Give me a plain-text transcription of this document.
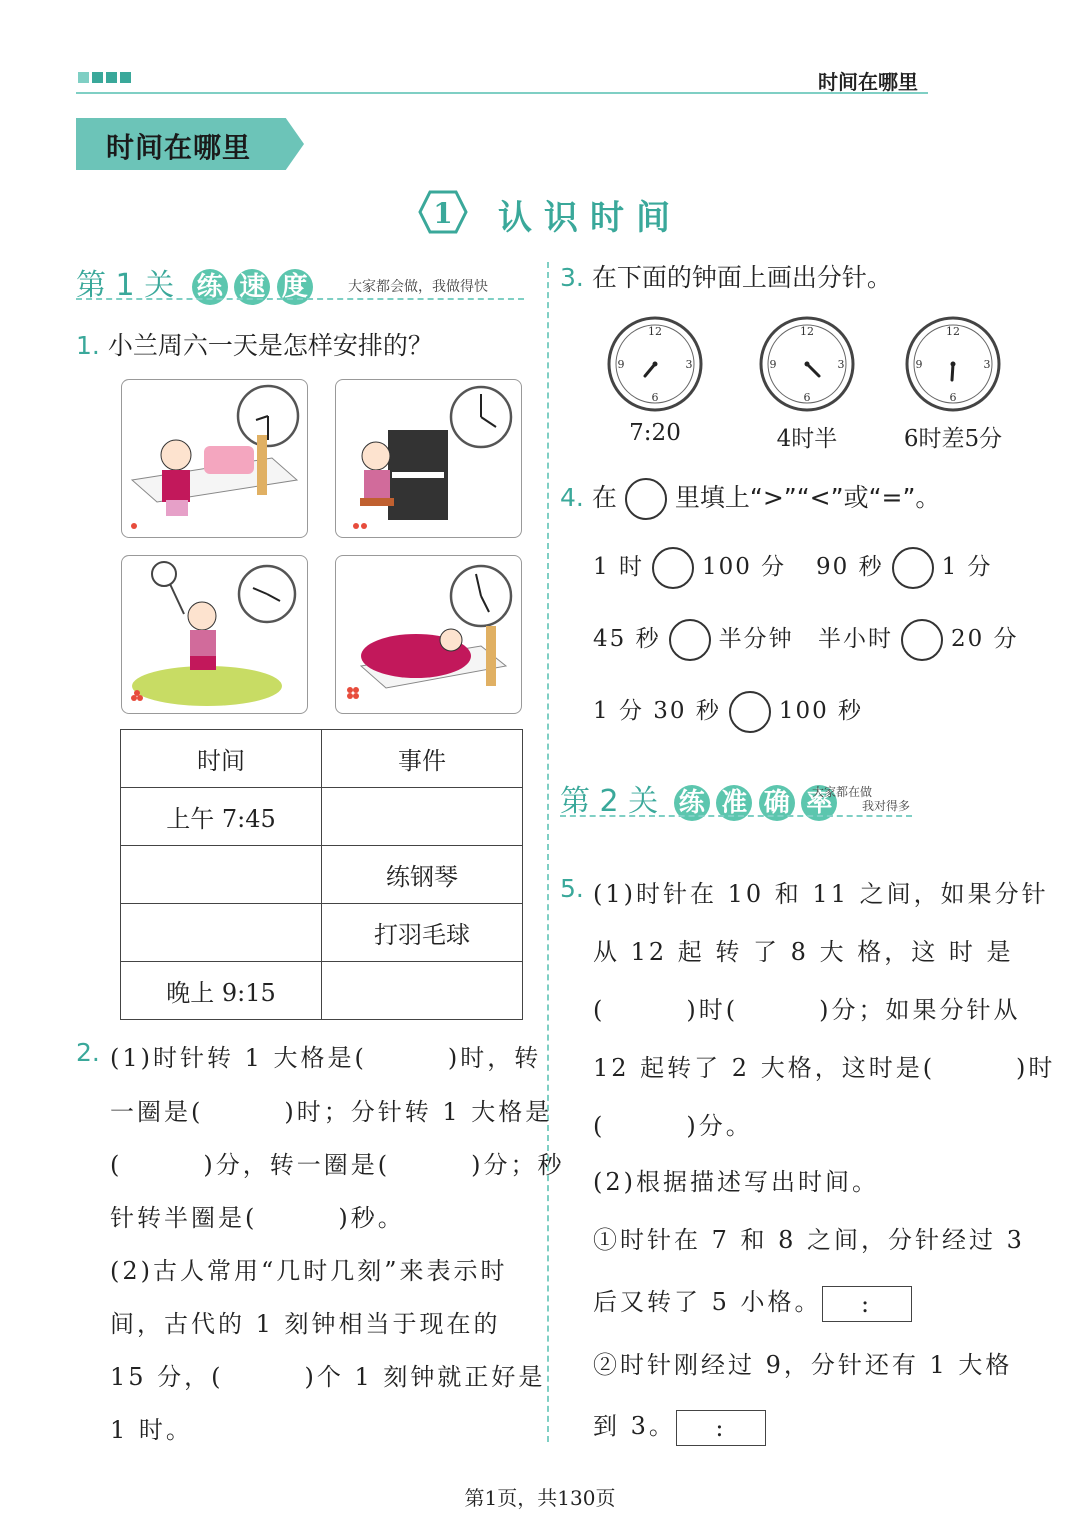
时间在哪里
时间在哪里
1 认识时间
第 1 关 练 速 度	大家都会做，我做得快
1. 小兰周六一天是怎样安排的？
时间	事件
上午 7:45	
	练钢琴
	打羽毛球
晚上 9:15	
2. (1)时针转 1 大格是(　　　)时，转
一圈是(　　　)时；分针转 1 大格是
(　　　)分，转一圈是(　　　)分；秒
针转半圈是(　　　)秒。
(2)古人常用“几时几刻”来表示时
间，古代的 1 刻钟相当于现在的
15 分，(　　　)个 1 刻钟就正好是
1 时。
3. 在下面的钟面上画出分针。
12
3
6
9
12
3
6
9
12
3
6
9
7:20	4时半	6时差5分
4. 在 里填上“>”“<”或“=”。
1 时	100 分 90 秒	1 分
45 秒	半分钟 半小时	20 分
1 分 30 秒	100 秒
第 2 关 练 准 确 率
大家都在做
我对得多
5. (1)时针在 10 和 11 之间，如果分针
从 12 起 转 了 8 大 格，这 时 是
(　　　)时(　　　)分；如果分针从
12 起转了 2 大格，这时是(　　　)时
(　　　)分。
(2)根据描述写出时间。
①时针在 7 和 8 之间，分针经过 3
后又转了 5 小格。 :
②时针刚经过 9，分针还有 1 大格
到 3。 :
第1页，共130页
